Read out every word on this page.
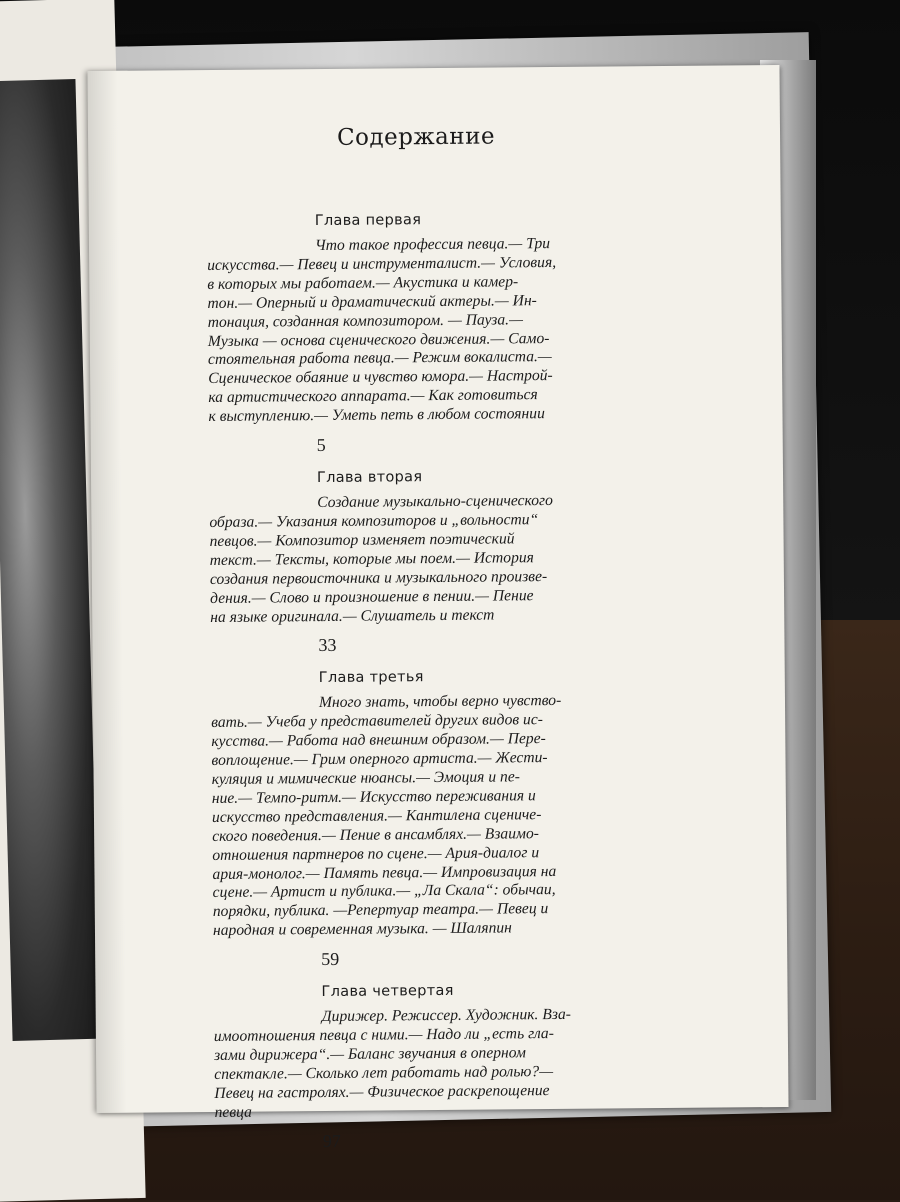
Содержание
Глава первая

Что такое профессия певца.— Три
искусства.— Певец и инструменталист.— Условия,
в которых мы работаем.— Акустика и камер-
тон.— Оперный и драматический актеры.— Ин-
тонация, созданная композитором. — Пауза.—
Музыка — основа сценического движения.— Само-
стоятельная работа певца.— Режим вокалиста.—
Сценическое обаяние и чувство юмора.— Настрой-
ка артистического аппарата.— Как готовиться
к выступлению.— Уметь петь в любом состоянии

5
Глава вторая

Создание музыкально-сценического
образа.— Указания композиторов и „вольности“
певцов.— Композитор изменяет поэтический
текст.— Тексты, которые мы поем.— История
создания первоисточника и музыкального произве-
дения.— Слово и произношение в пении.— Пение
на языке оригинала.— Слушатель и текст

33
Глава третья

Много знать, чтобы верно чувство-
вать.— Учеба у представителей других видов ис-
кусства.— Работа над внешним образом.— Пере-
воплощение.— Грим оперного артиста.— Жести-
куляция и мимические нюансы.— Эмоция и пе-
ние.— Темпо-ритм.— Искусство переживания и
искусство представления.— Кантилена сцениче-
ского поведения.— Пение в ансамблях.— Взаимо-
отношения партнеров по сцене.— Ария-диалог и
ария-монолог.— Память певца.— Импровизация на
сцене.— Артист и публика.— „Ла Скала“: обычаи,
порядки, публика. —Репертуар театра.— Певец и
народная и современная музыка. — Шаляпин

59
Глава четвертая

Дирижер. Режиссер. Художник. Вза-
имоотношения певца с ними.— Надо ли „есть гла-
зами дирижера“.— Баланс звучания в оперном
спектакле.— Сколько лет работать над ролью?—
Певец на гастролях.— Физическое раскрепощение
певца

97
